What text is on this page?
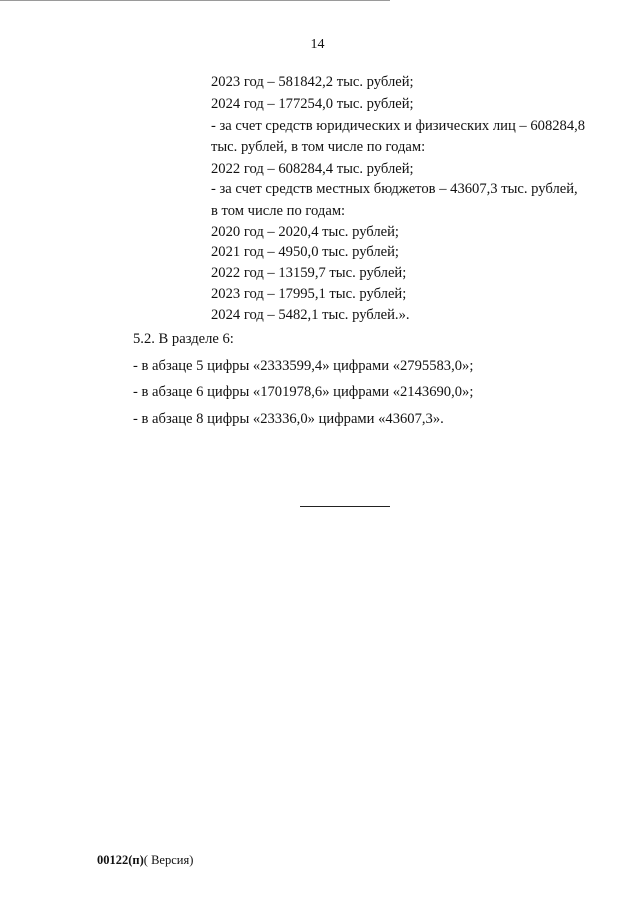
14
2023 год – 581842,2 тыс. рублей;
2024 год – 177254,0 тыс. рублей;
- за счет средств юридических и физических лиц – 608284,8
тыс. рублей, в том числе по годам:
2022 год – 608284,4 тыс. рублей;
- за счет средств местных бюджетов – 43607,3 тыс. рублей,
в том числе по годам:
2020 год – 2020,4 тыс. рублей;
2021 год – 4950,0 тыс. рублей;
2022 год – 13159,7 тыс. рублей;
2023 год – 17995,1 тыс. рублей;
2024 год – 5482,1 тыс. рублей.».
5.2. В разделе 6:
- в абзаце 5 цифры «2333599,4» цифрами «2795583,0»;
- в абзаце 6 цифры «1701978,6» цифрами «2143690,0»;
- в абзаце 8 цифры «23336,0» цифрами «43607,3».
00122(п)( Версия)
